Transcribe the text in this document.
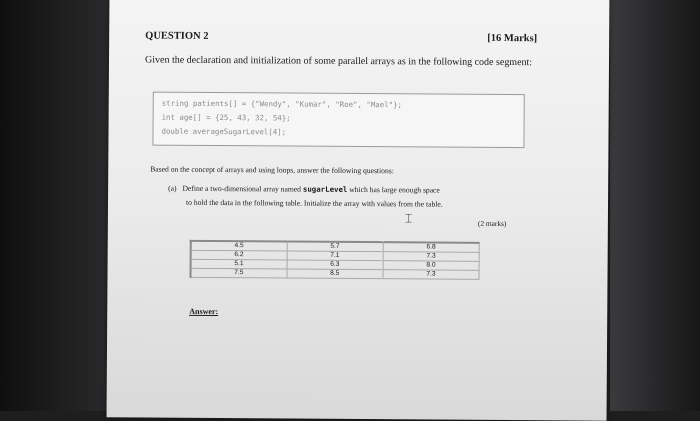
QUESTION 2	[16 Marks]
Given the declaration and initialization of some parallel arrays as in the following code segment:
string patients[] = {"Wendy", "Kumar", "Roe", "Mael"};
int age[] = {25, 43, 32, 54};
double averageSugarLevel[4];
Based on the concept of arrays and using loops, answer the following questions:
(a) Define a two-dimensional array named sugarLevel which has large enough space
to hold the data in the following table. Initialize the array with values from the table.
⌶	(2 marks)
4.5	5.7	6.8
6.2	7.1	7.3
5.1	6.3	8.0
7.5	8.5	7.3
Answer:
